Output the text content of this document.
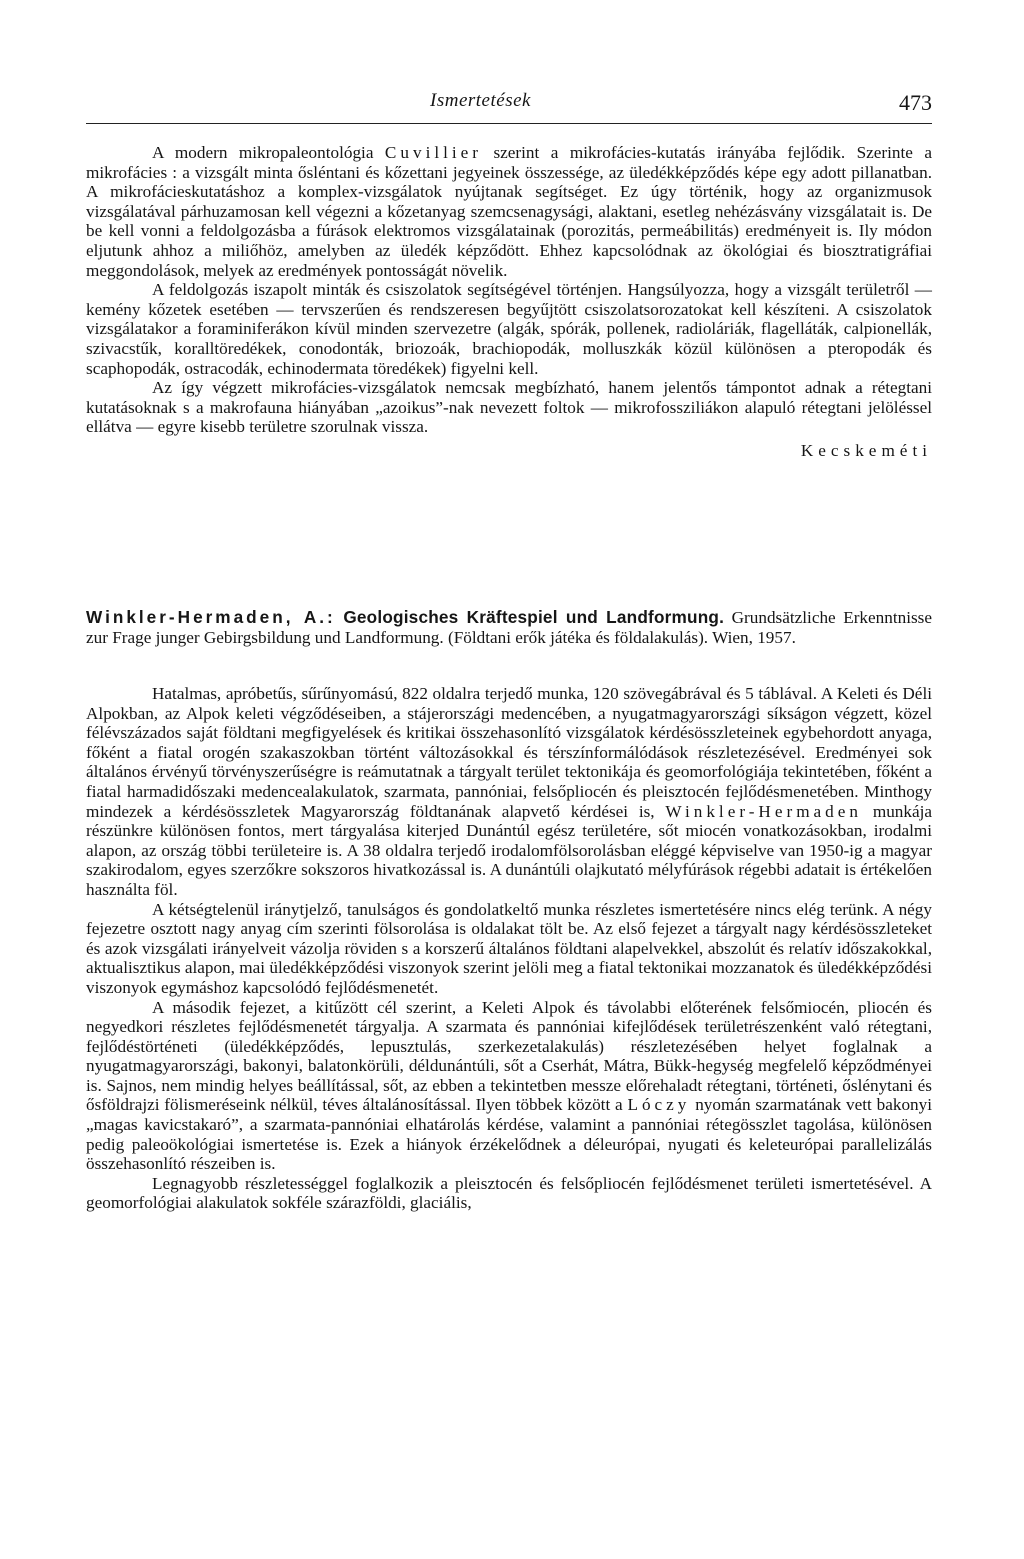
Ismertetések	473

A modern mikropaleontológia Cuvillier szerint a mikrofácies-kutatás irányába fejlődik. Szerinte a mikrofácies : a vizsgált minta ősléntani és kőzettani jegyeinek összessége, az üledékképződés képe egy adott pillanatban. A mikrofácieskutatáshoz a komplex-vizsgálatok nyújtanak segítséget. Ez úgy történik, hogy az organizmusok vizsgálatával párhuzamosan kell végezni a kőzetanyag szemcsenagysági, alaktani, esetleg nehézásvány vizsgálatait is. De be kell vonni a feldolgozásba a fúrások elektromos vizsgálatainak (porozitás, permeábilitás) eredményeit is. Ily módon eljutunk ahhoz a miliőhöz, amelyben az üledék képződött. Ehhez kapcsolódnak az ökológiai és biosztratigráfiai meggondolások, melyek az eredmények pontosságát növelik.

A feldolgozás iszapolt minták és csiszolatok segítségével történjen. Hangsúlyozza, hogy a vizsgált területről — kemény kőzetek esetében — tervszerűen és rendszeresen begyűjtött csiszolatsorozatokat kell készíteni. A csiszolatok vizsgálatakor a foraminiferákon kívül minden szervezetre (algák, spórák, pollenek, radioláriák, flagelláták, calpionellák, szivacstűk, koralltöredékek, conodonták, briozoák, brachiopodák, molluszkák közül különösen a pteropodák és scaphopodák, ostracodák, echinodermata töredékek) figyelni kell.

Az így végzett mikrofácies-vizsgálatok nemcsak megbízható, hanem jelentős támpontot adnak a rétegtani kutatásoknak s a makrofauna hiányában „azoikus”-nak nevezett foltok — mikrofossziliákon alapuló rétegtani jelöléssel ellátva — egyre kisebb területre szorulnak vissza.

Kecskeméti

Winkler-Hermaden, A.: Geologisches Kräftespiel und Landformung. Grundsätzliche Erkenntnisse zur Frage junger Gebirgsbildung und Landformung. (Földtani erők játéka és földalakulás). Wien, 1957.

Hatalmas, apróbetűs, sűrűnyomású, 822 oldalra terjedő munka, 120 szövegábrával és 5 táblával. A Keleti és Déli Alpokban, az Alpok keleti végződéseiben, a stájerországi medencében, a nyugatmagyarországi síkságon végzett, közel félévszázados saját földtani megfigyelések és kritikai összehasonlító vizsgálatok kérdésösszleteinek egybehordott anyaga, főként a fiatal orogén szakaszokban történt változásokkal és térszínformálódások részletezésével. Eredményei sok általános érvényű törvényszerűségre is reámutatnak a tárgyalt terület tektonikája és geomorfológiája tekintetében, főként a fiatal harmadidőszaki medencealakulatok, szarmata, pannóniai, felsőpliocén és pleisztocén fejlődésmenetében. Minthogy mindezek a kérdésösszletek Magyarország földtanának alapvető kérdései is, Winkler-Hermaden munkája részünkre különösen fontos, mert tárgyalása kiterjed Dunántúl egész területére, sőt miocén vonatkozásokban, irodalmi alapon, az ország többi területeire is. A 38 oldalra terjedő irodalomfölsorolásban eléggé képviselve van 1950-ig a magyar szakirodalom, egyes szerzőkre sokszoros hivatkozással is. A dunántúli olajkutató mélyfúrások régebbi adatait is értékelően használta föl.

A kétségtelenül iránytjelző, tanulságos és gondolatkeltő munka részletes ismertetésére nincs elég terünk. A négy fejezetre osztott nagy anyag cím szerinti fölsorolása is oldalakat tölt be. Az első fejezet a tárgyalt nagy kérdésösszleteket és azok vizsgálati irányelveit vázolja röviden s a korszerű általános földtani alapelvekkel, abszolút és relatív időszakokkal, aktualisztikus alapon, mai üledékképződési viszonyok szerint jelöli meg a fiatal tektonikai mozzanatok és üledékképződési viszonyok egymáshoz kapcsolódó fejlődésmenetét.

A második fejezet, a kitűzött cél szerint, a Keleti Alpok és távolabbi előterének felsőmiocén, pliocén és negyedkori részletes fejlődésmenetét tárgyalja. A szarmata és pannóniai kifejlődések területrészenként való rétegtani, fejlődéstörténeti (üledékképződés, lepusztulás, szerkezetalakulás) részletezésében helyet foglalnak a nyugatmagyarországi, bakonyi, balatonkörüli, déldunántúli, sőt a Cserhát, Mátra, Bükk-hegység megfelelő képződményei is. Sajnos, nem mindig helyes beállítással, sőt, az ebben a tekintetben messze előrehaladt rétegtani, történeti, őslénytani és ősföldrajzi fölismeréseink nélkül, téves általánosítással. Ilyen többek között a Lóczy nyomán szarmatának vett bakonyi „magas kavicstakaró”, a szarmata-pannóniai elhatárolás kérdése, valamint a pannóniai rétegösszlet tagolása, különösen pedig paleoökológiai ismertetése is. Ezek a hiányok érzékelődnek a déleurópai, nyugati és keleteurópai parallelizálás összehasonlító részeiben is.

Legnagyobb részletességgel foglalkozik a pleisztocén és felsőpliocén fejlődésmenet területi ismertetésével. A geomorfológiai alakulatok sokféle szárazföldi, glaciális,
